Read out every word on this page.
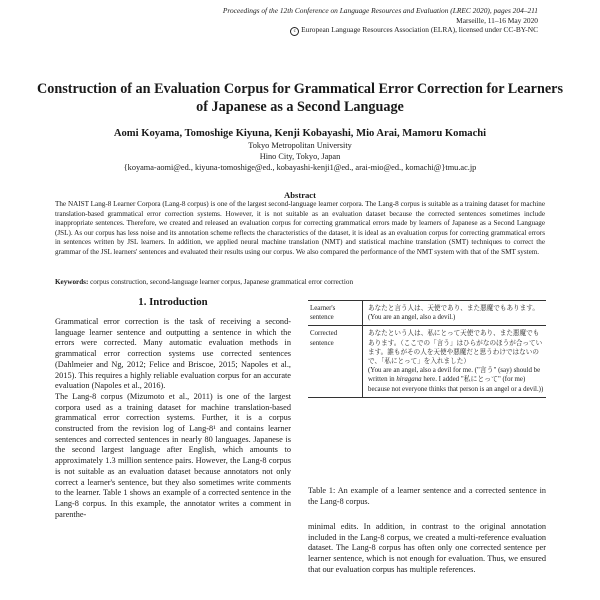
Proceedings of the 12th Conference on Language Resources and Evaluation (LREC 2020), pages 204–211
Marseille, 11–16 May 2020
c European Language Resources Association (ELRA), licensed under CC-BY-NC
Construction of an Evaluation Corpus for Grammatical Error Correction for Learners of Japanese as a Second Language
Aomi Koyama, Tomoshige Kiyuna, Kenji Kobayashi, Mio Arai, Mamoru Komachi
Tokyo Metropolitan University
Hino City, Tokyo, Japan
{koyama-aomi@ed., kiyuna-tomoshige@ed., kobayashi-kenji1@ed., arai-mio@ed., komachi@}tmu.ac.jp
Abstract
The NAIST Lang-8 Learner Corpora (Lang-8 corpus) is one of the largest second-language learner corpora. The Lang-8 corpus is suitable as a training dataset for machine translation-based grammatical error correction systems. However, it is not suitable as an evaluation dataset because the corrected sentences sometimes include inappropriate sentences. Therefore, we created and released an evaluation corpus for correcting grammatical errors made by learners of Japanese as a Second Language (JSL). As our corpus has less noise and its annotation scheme reflects the characteristics of the dataset, it is ideal as an evaluation corpus for correcting grammatical errors in sentences written by JSL learners. In addition, we applied neural machine translation (NMT) and statistical machine translation (SMT) techniques to correct the grammar of the JSL learners' sentences and evaluated their results using our corpus. We also compared the performance of the NMT system with that of the SMT system.
Keywords: corpus construction, second-language learner corpus, Japanese grammatical error correction
1. Introduction

Grammatical error correction is the task of receiving a second-language learner sentence and outputting a sentence in which the errors were corrected. Many automatic evaluation methods in grammatical error correction systems use corrected sentences (Dahlmeier and Ng, 2012; Felice and Briscoe, 2015; Napoles et al., 2015). This requires a highly reliable evaluation corpus for an accurate evaluation (Napoles et al., 2016).

The Lang-8 corpus (Mizumoto et al., 2011) is one of the largest corpora used as a training dataset for machine translation-based grammatical error correction systems. Further, it is a corpus constructed from the revision log of Lang-8¹ and contains learner sentences and corrected sentences in nearly 80 languages. Japanese is the second largest language after English, which amounts to approximately 1.3 million sentence pairs. However, the Lang-8 corpus is not suitable as an evaluation dataset because annotators not only correct a learner's sentence, but they also sometimes write comments to the learner. Table 1 shows an example of a corrected sentence in the Lang-8 corpus. In this example, the annotator writes a comment in parenthe-

Learner's sentence	あなたと言う人は、天使であり、また悪魔でもあります。
(You are an angel, also a devil.)

Corrected sentence	あなたという人は、私にとって天使であり、また悪魔でもあります。（ここでの「言う」はひらがなのほうが合っています。誰もがその人を天使や悪魔だと思うわけではないので、「私にとって」を入れました）
(You are an angel, also a devil for me. ("言う" (say) should be written in hiragana here. I added "私にとって" (for me) because not everyone thinks that person is an angel or a devil.))
Table 1: An example of a learner sentence and a corrected sentence in the Lang-8 corpus.
minimal edits. In addition, in contrast to the original annotation included in the Lang-8 corpus, we created a multi-reference evaluation dataset. The Lang-8 corpus has often only one corrected sentence per learner sentence, which is not enough for evaluation. Thus, we ensured that our evaluation corpus has multiple references.
